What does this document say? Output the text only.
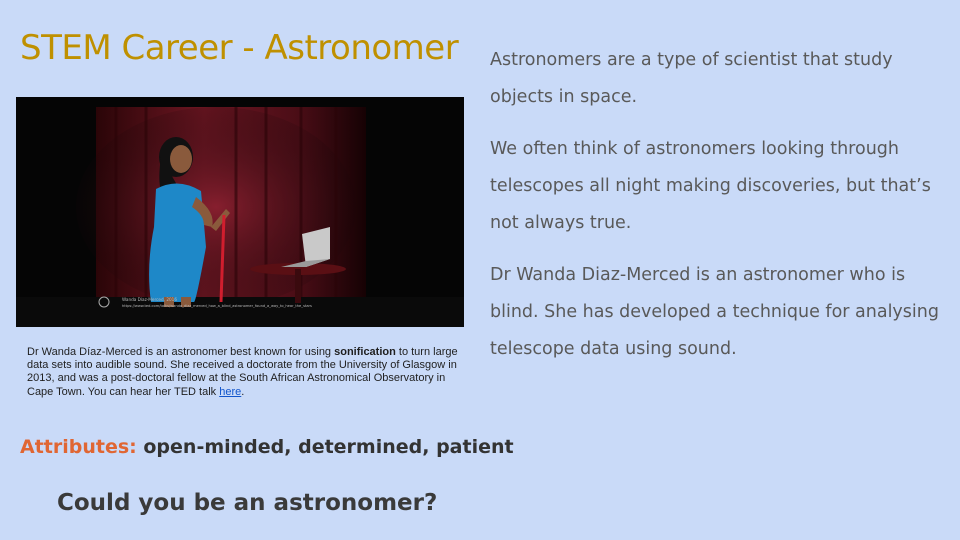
STEM Career - Astronomer
Wanda Díaz-Merced, 2016
https://www.ted.com/talks/wanda_diaz_merced_how_a_blind_astronomer_found_a_way_to_hear_the_stars
Dr Wanda Díaz-Merced is an astronomer best known for using sonification to turn large data sets into audible sound. She received a doctorate from the University of Glasgow in 2013, and was a post-doctoral fellow at the South African Astronomical Observatory in Cape Town. You can hear her TED talk here.
Attributes: open-minded, determined, patient
Could you be an astronomer?

Astronomers are a type of scientist that study objects in space.

We often think of astronomers looking through telescopes all night making discoveries, but that’s not always true.

Dr Wanda Diaz-Merced is an astronomer who is blind. She has developed a technique for analysing telescope data using sound.
